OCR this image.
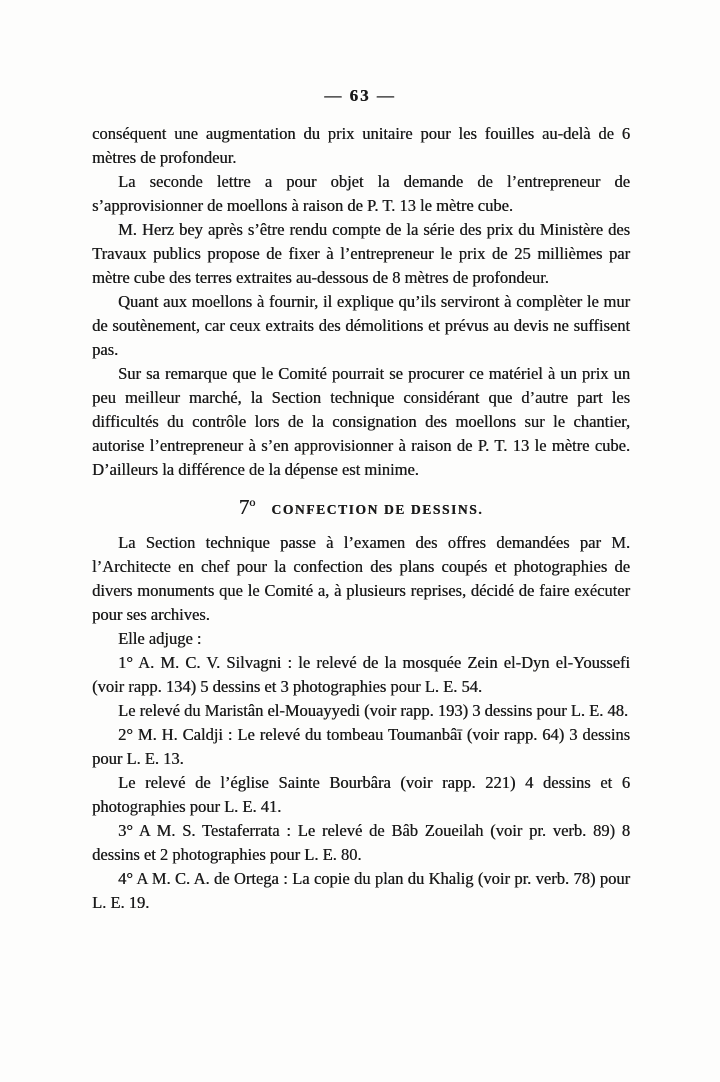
— 63 —

conséquent une augmentation du prix unitaire pour les fouilles au-delà de 6 mètres de profondeur.

La seconde lettre a pour objet la demande de l’entrepreneur de s’approvisionner de moellons à raison de P. T. 13 le mètre cube.

M. Herz bey après s’être rendu compte de la série des prix du Ministère des Travaux publics propose de fixer à l’entrepreneur le prix de 25 millièmes par mètre cube des terres extraites au-dessous de 8 mètres de profondeur.

Quant aux moellons à fournir, il explique qu’ils serviront à complèter le mur de soutènement, car ceux extraits des démolitions et prévus au devis ne suffisent pas.

Sur sa remarque que le Comité pourrait se procurer ce matériel à un prix un peu meilleur marché, la Section technique considérant que d’autre part les difficultés du contrôle lors de la consignation des moellons sur le chantier, autorise l’entrepreneur à s’en approvisionner à raison de P. T. 13 le mètre cube. D’ailleurs la différence de la dépense est minime.

7$^o$ CONFECTION DE DESSINS.

La Section technique passe à l’examen des offres demandées par M. l’Architecte en chef pour la confection des plans coupés et photographies de divers monuments que le Comité a, à plusieurs reprises, décidé de faire exécuter pour ses archives.

Elle adjuge :

1° A. M. C. V. Silvagni : le relevé de la mosquée Zein el-Dyn el-Youssefi (voir rapp. 134) 5 dessins et 3 photographies pour L. E. 54.

Le relevé du Maristân el-Mouayyedi (voir rapp. 193) 3 dessins pour L. E. 48.

2° M. H. Caldji : Le relevé du tombeau Toumanbâī (voir rapp. 64) 3 dessins pour L. E. 13.

Le relevé de l’église Sainte Bourbâra (voir rapp. 221) 4 dessins et 6 photographies pour L. E. 41.

3° A M. S. Testaferrata : Le relevé de Bâb Zoueilah (voir pr. verb. 89) 8 dessins et 2 photographies pour L. E. 80.

4° A M. C. A. de Ortega : La copie du plan du Khalig (voir pr. verb. 78) pour L. E. 19.
